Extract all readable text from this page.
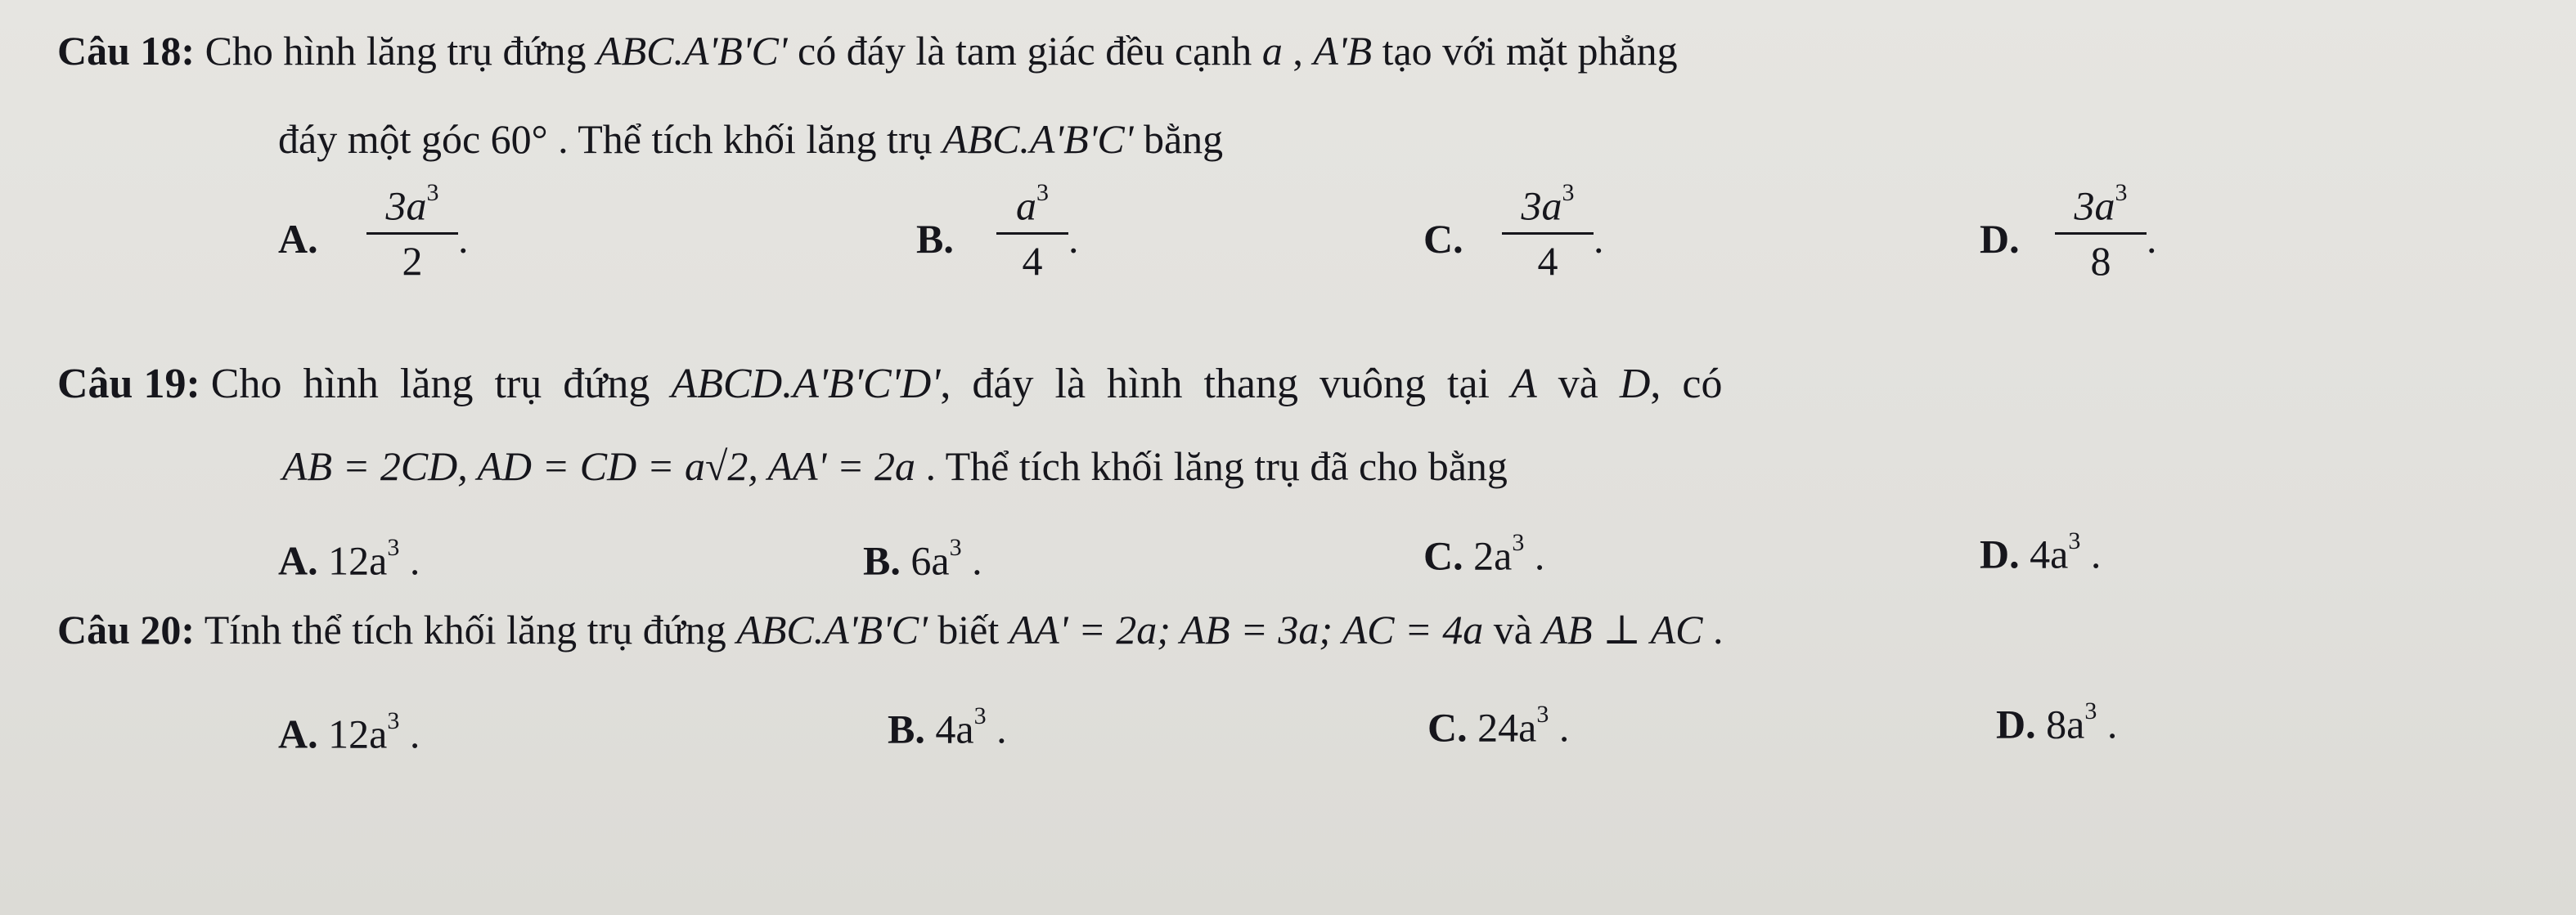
Câu 18: Cho hình lăng trụ đứng ABC.A'B'C' có đáy là tam giác đều cạnh a , A'B tạo với mặt phẳng
đáy một góc 60° . Thể tích khối lăng trụ ABC.A'B'C' bằng
A.
$3a^3$
2 .	B.
$a^3$
4 .	C.
$3a^3$
4 .	D.
$3a^3$
8 .
Câu 19: Cho  hình  lăng  trụ  đứng  ABCD.A'B'C'D',  đáy  là  hình  thang  vuông  tại  A  và  D,  có
AB = 2CD, AD = CD = a√2, AA' = 2a . Thể tích khối lăng trụ đã cho bằng
A. $12a^3$ .	B. $6a^3$ .	C. $2a^3$ .	D. $4a^3$ .
Câu 20: Tính thể tích khối lăng trụ đứng ABC.A'B'C' biết AA' = 2a; AB = 3a; AC = 4a và AB ⊥ AC .
A. $12a^3$ .	B. $4a^3$ .	C. $24a^3$ .	D. $8a^3$ .
